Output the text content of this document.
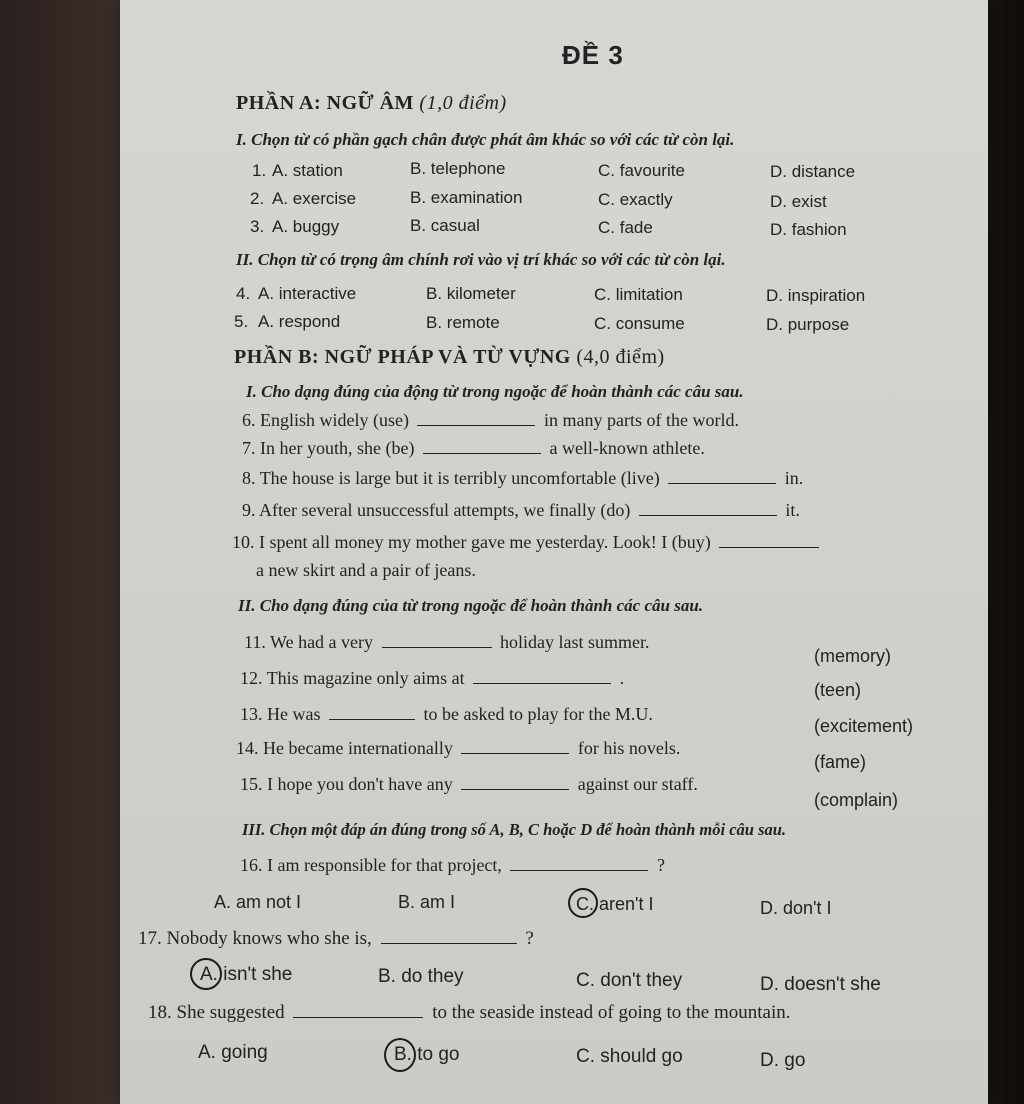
ĐỀ 3
PHẦN A: NGỮ ÂM (1,0 điểm)
I. Chọn từ có phần gạch chân được phát âm khác so với các từ còn lại.
1. A. station	B. telephone	C. favourite	D. distance
2. A. exercise	B. examination	C. exactly	D. exist
3. A. buggy	B. casual	C. fade	D. fashion
II. Chọn từ có trọng âm chính rơi vào vị trí khác so với các từ còn lại.
4. A. interactive	B. kilometer	C. limitation	D. inspiration
5. A. respond	B. remote	C. consume	D. purpose
PHẦN B: NGỮ PHÁP VÀ TỪ VỰNG (4,0 điểm)
I. Cho dạng đúng của động từ trong ngoặc để hoàn thành các câu sau.
6. English widely (use)	in many parts of the world.
7. In her youth, she (be)	a well-known athlete.
8. The house is large but it is terribly uncomfortable (live)	in.
9. After several unsuccessful attempts, we finally (do)	it.
10. I spent all money my mother gave me yesterday. Look! I (buy)
a new skirt and a pair of jeans.
II. Cho dạng đúng của từ trong ngoặc để hoàn thành các câu sau.
11. We had a very	holiday last summer.
(memory)
12. This magazine only aims at	.
(teen)
13. He was	to be asked to play for the M.U.
(excitement)
14. He became internationally	for his novels.
(fame)
15. I hope you don't have any	against our staff.
(complain)
III. Chọn một đáp án đúng trong số A, B, C hoặc D để hoàn thành mỗi câu sau.
16. I am responsible for that project,	?
A. am not I	B. am I	C. aren't I	D. don't I
17. Nobody knows who she is,	?
A. isn't she	B. do they	C. don't they	D. doesn't she
18. She suggested	to the seaside instead of going to the mountain.
A. going	B. to go	C. should go	D. go
